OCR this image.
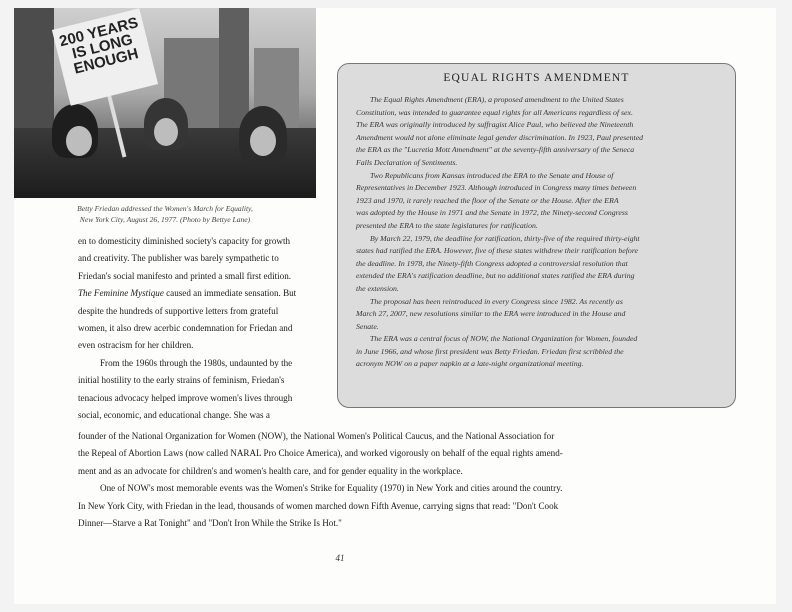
200 YEARS IS LONG ENOUGH
Betty Friedan addressed the Women's March for Equality,
New York City, August 26, 1977. (Photo by Bettye Lane)

en to domesticity diminished society's capacity for growth
and creativity. The publisher was barely sympathetic to
Friedan's social manifesto and printed a small first edition.
The Feminine Mystique caused an immediate sensation. But
despite the hundreds of supportive letters from grateful
women, it also drew acerbic condemnation for Friedan and
even ostracism for her children.

From the 1960s through the 1980s, undaunted by the
initial hostility to the early strains of feminism, Friedan's
tenacious advocacy helped improve women's lives through
social, economic, and educational change. She was a

founder of the National Organization for Women (NOW), the National Women's Political Caucus, and the National Association for
the Repeal of Abortion Laws (now called NARAL Pro Choice America), and worked vigorously on behalf of the equal rights amend-
ment and as an advocate for children's and women's health care, and for gender equality in the workplace.

One of NOW's most memorable events was the Women's Strike for Equality (1970) in New York and cities around the country.
In New York City, with Friedan in the lead, thousands of women marched down Fifth Avenue, carrying signs that read: "Don't Cook
Dinner—Starve a Rat Tonight" and "Don't Iron While the Strike Is Hot."

EQUAL RIGHTS AMENDMENT

The Equal Rights Amendment (ERA), a proposed amendment to the United States
Constitution, was intended to guarantee equal rights for all Americans regardless of sex.
The ERA was originally introduced by suffragist Alice Paul, who believed the Nineteenth
Amendment would not alone eliminate legal gender discrimination. In 1923, Paul presented
the ERA as the "Lucretia Mott Amendment" at the seventy-fifth anniversary of the Seneca
Falls Declaration of Sentiments.

Two Republicans from Kansas introduced the ERA to the Senate and House of
Representatives in December 1923. Although introduced in Congress many times between
1923 and 1970, it rarely reached the floor of the Senate or the House. After the ERA
was adopted by the House in 1971 and the Senate in 1972, the Ninety-second Congress
presented the ERA to the state legislatures for ratification.

By March 22, 1979, the deadline for ratification, thirty-five of the required thirty-eight
states had ratified the ERA. However, five of these states withdrew their ratification before
the deadline. In 1978, the Ninety-fifth Congress adopted a controversial resolution that
extended the ERA's ratification deadline, but no additional states ratified the ERA during
the extension.

The proposal has been reintroduced in every Congress since 1982. As recently as
March 27, 2007, new resolutions similar to the ERA were introduced in the House and
Senate.

The ERA was a central focus of NOW, the National Organization for Women, founded
in June 1966, and whose first president was Betty Friedan. Friedan first scribbled the
acronym NOW on a paper napkin at a late-night organizational meeting.

41
